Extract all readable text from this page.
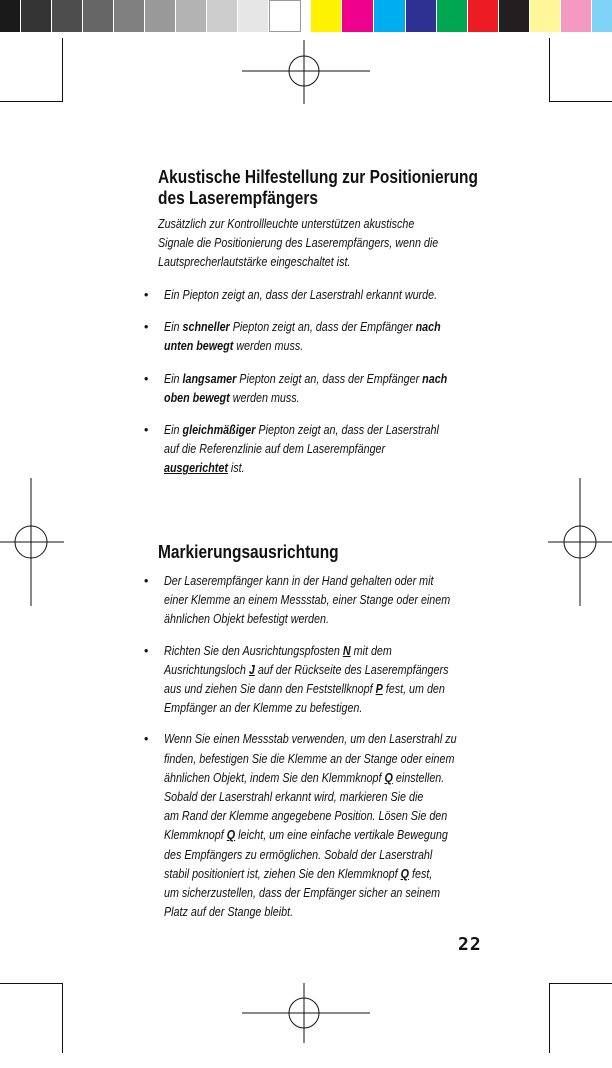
Akustische Hilfestellung zur Positionierung
des Laserempfängers

Zusätzlich zur Kontrollleuchte unterstützen akustische
Signale die Positionierung des Laserempfängers, wenn die
Lautsprecherlautstärke eingeschaltet ist.

• Ein Piepton zeigt an, dass der Laserstrahl erkannt wurde.
• Ein schneller Piepton zeigt an, dass der Empfänger nach
unten bewegt werden muss.
• Ein langsamer Piepton zeigt an, dass der Empfänger nach
oben bewegt werden muss.
• Ein gleichmäßiger Piepton zeigt an, dass der Laserstrahl
auf die Referenzlinie auf dem Laserempfänger
ausgerichtet ist.
Markierungsausrichtung
• Der Laserempfänger kann in der Hand gehalten oder mit
einer Klemme an einem Messstab, einer Stange oder einem
ähnlichen Objekt befestigt werden.
• Richten Sie den Ausrichtungspfosten N mit dem
Ausrichtungsloch J auf der Rückseite des Laserempfängers
aus und ziehen Sie dann den Feststellknopf P fest, um den
Empfänger an der Klemme zu befestigen.
• Wenn Sie einen Messstab verwenden, um den Laserstrahl zu
finden, befestigen Sie die Klemme an der Stange oder einem
ähnlichen Objekt, indem Sie den Klemmknopf Q einstellen.
Sobald der Laserstrahl erkannt wird, markieren Sie die
am Rand der Klemme angegebene Position. Lösen Sie den
Klemmknopf Q leicht, um eine einfache vertikale Bewegung
des Empfängers zu ermöglichen. Sobald der Laserstrahl
stabil positioniert ist, ziehen Sie den Klemmknopf Q fest,
um sicherzustellen, dass der Empfänger sicher an seinem
Platz auf der Stange bleibt.
22
